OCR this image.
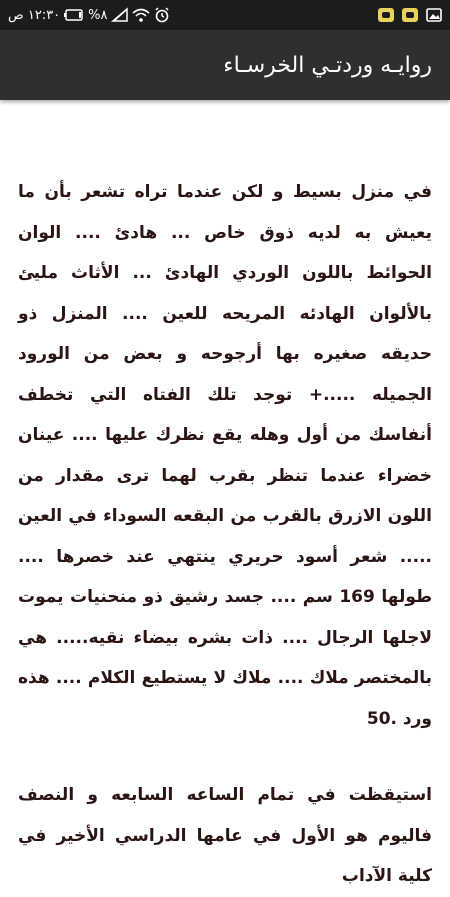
١٢:٣٠ ص %٨
روايـه وردتـي الخرسـاء

في منزل بسيط و لكن عندما تراه تشعر بأن ما يعيش به لديه ذوق خاص ... هادئ .... الوان الحوائط باللون الوردي الهادئ ... الأثاث مليئ بالألوان الهادئه المريحه للعين .... المنزل ذو حديقه صغيره بها أرجوحه و بعض من الورود الجميله .....+ توجد تلك الفتاه التي تخطف أنفاسك من أول وهله يقع نظرك عليها .... عينان خضراء عندما تنظر بقرب لهما ترى مقدار من اللون الازرق بالقرب من البقعه السوداء في العين ..... شعر أسود حريري ينتهي عند خصرها .... طولها 169 سم .... جسد رشيق ذو منحنيات يموت لاجلها الرجال .... ذات بشره بيضاء نقيه..... هي بالمختصر ملاك .... ملاك لا يستطيع الكلام .... هذه ورد .50

استيقظت في تمام الساعه السابعه و النصف فاليوم هو الأول في عامها الدراسي الأخير في كلية الآداب
